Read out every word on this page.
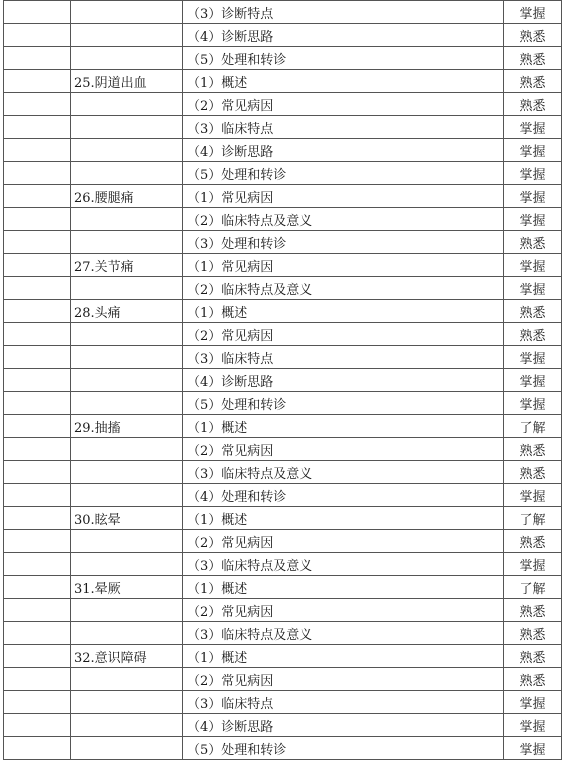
		（3）诊断特点	掌握
		（4）诊断思路	熟悉
		（5）处理和转诊	熟悉
	25.阴道出血	（1）概述	熟悉
		（2）常见病因	熟悉
		（3）临床特点	掌握
		（4）诊断思路	掌握
		（5）处理和转诊	掌握
	26.腰腿痛	（1）常见病因	掌握
		（2）临床特点及意义	掌握
		（3）处理和转诊	熟悉
	27.关节痛	（1）常见病因	掌握
		（2）临床特点及意义	掌握
	28.头痛	（1）概述	熟悉
		（2）常见病因	熟悉
		（3）临床特点	掌握
		（4）诊断思路	掌握
		（5）处理和转诊	掌握
	29.抽搐	（1）概述	了解
		（2）常见病因	熟悉
		（3）临床特点及意义	熟悉
		（4）处理和转诊	掌握
	30.眩晕	（1）概述	了解
		（2）常见病因	熟悉
		（3）临床特点及意义	掌握
	31.晕厥	（1）概述	了解
		（2）常见病因	熟悉
		（3）临床特点及意义	熟悉
	32.意识障碍	（1）概述	熟悉
		（2）常见病因	熟悉
		（3）临床特点	掌握
		（4）诊断思路	掌握
		（5）处理和转诊	掌握
